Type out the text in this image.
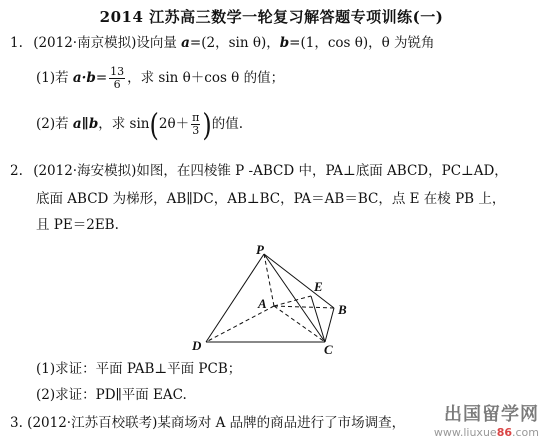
2014 江苏高三数学一轮复习解答题专项训练(一)
1. (2012·南京模拟)设向量 a=(2，sin θ)，b=(1，cos θ)，θ 为锐角
(1)若 $a\cdot b= \frac{13}{6}$ ，求 sin θ＋cos θ 的值；
(2)若 a∥b，求 $\sin(2\theta+ \frac{\pi}{3}$ )的值.
2. (2012·海安模拟)如图，在四棱锥 P -ABCD 中，PA⊥底面 ABCD，PC⊥AD，
底面 ABCD 为梯形，AB∥DC，AB⊥BC，PA＝AB＝BC，点 E 在棱 PB 上，
且 PE＝2EB.
P
A	B
C
D
E
(1)求证：平面 PAB⊥平面 PCB；
(2)求证：PD∥平面 EAC.
3. (2012·江苏百校联考)某商场对 A 品牌的商品进行了市场调查，	出国留学网
www.liuxue86.com
